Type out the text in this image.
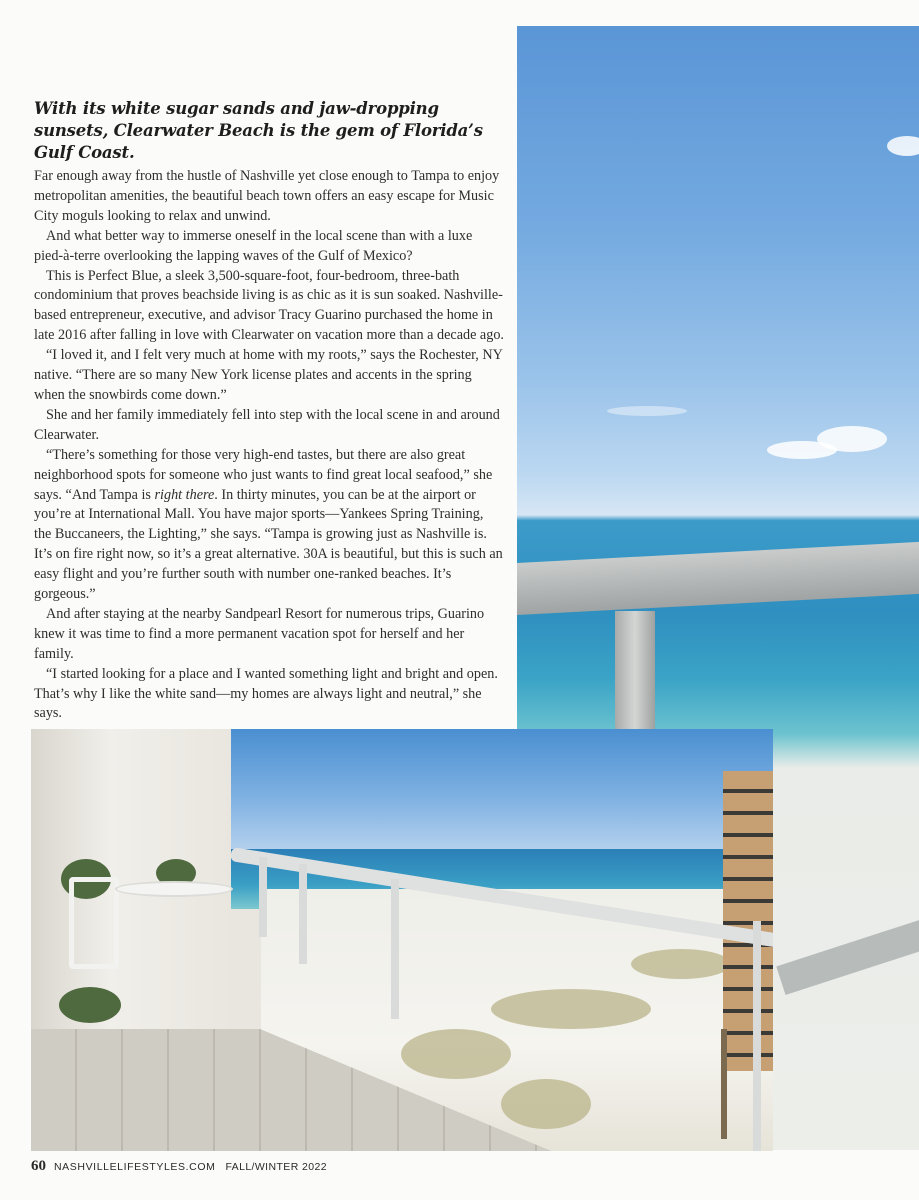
With its white sugar sands and jaw-dropping sunsets, Clearwater Beach is the gem of Florida’s Gulf Coast.

Far enough away from the hustle of Nashville yet close enough to Tampa to enjoy metropolitan amenities, the beautiful beach town offers an easy escape for Music City moguls looking to relax and unwind.

And what better way to immerse oneself in the local scene than with a luxe pied-à-terre overlooking the lapping waves of the Gulf of Mexico?

This is Perfect Blue, a sleek 3,500-square-foot, four-bedroom, three-bath condominium that proves beachside living is as chic as it is sun soaked. Nashville-based entrepreneur, executive, and advisor Tracy Guarino purchased the home in late 2016 after falling in love with Clearwater on vacation more than a decade ago.

“I loved it, and I felt very much at home with my roots,” says the Rochester, NY native. “There are so many New York license plates and accents in the spring when the snowbirds come down.”

She and her family immediately fell into step with the local scene in and around Clearwater.

“There’s something for those very high-end tastes, but there are also great neighborhood spots for someone who just wants to find great local seafood,” she says. “And Tampa is right there. In thirty minutes, you can be at the airport or you’re at International Mall. You have major sports—Yankees Spring Training, the Buccaneers, the Lighting,” she says. “Tampa is growing just as Nashville is. It’s on fire right now, so it’s a great alternative. 30A is beautiful, but this is such an easy flight and you’re further south with number one-ranked beaches. It’s gorgeous.”

And after staying at the nearby Sandpearl Resort for numerous trips, Guarino knew it was time to find a more permanent vacation spot for herself and her family.

“I started looking for a place and I wanted something light and bright and open. That’s why I like the white sand—my homes are always light and neutral,” she says.

60 NASHVILLELIFESTYLES.COM FALL/WINTER 2022
